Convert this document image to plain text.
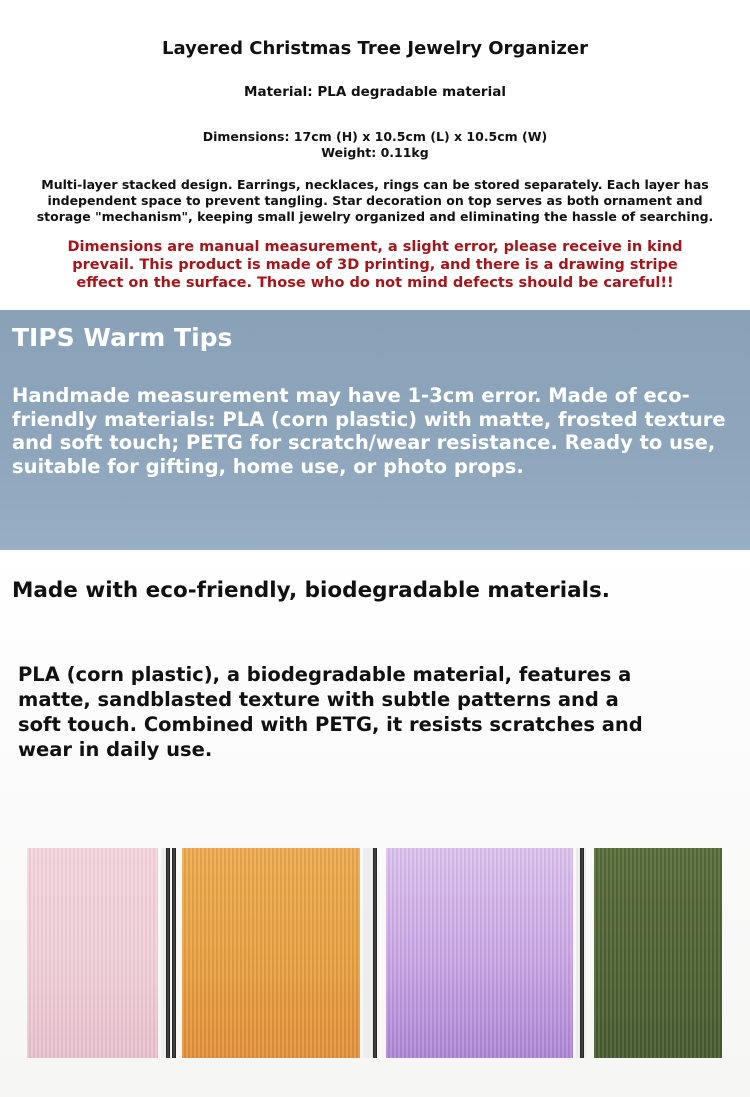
Layered Christmas Tree Jewelry Organizer
Material: PLA degradable material
Dimensions: 17cm (H) x 10.5cm (L) x 10.5cm (W)
Weight: 0.11kg
Multi-layer stacked design. Earrings, necklaces, rings can be stored separately. Each layer has independent space to prevent tangling. Star decoration on top serves as both ornament and storage "mechanism", keeping small jewelry organized and eliminating the hassle of searching.
Dimensions are manual measurement, a slight error, please receive in kind prevail. This product is made of 3D printing, and there is a drawing stripe effect on the surface. Those who do not mind defects should be careful!!
TIPS Warm Tips
Handmade measurement may have 1-3cm error. Made of eco-friendly materials: PLA (corn plastic) with matte, frosted texture and soft touch; PETG for scratch/wear resistance. Ready to use, suitable for gifting, home use, or photo props.
Made with eco-friendly, biodegradable materials.
PLA (corn plastic), a biodegradable material, features a matte, sandblasted texture with subtle patterns and a soft touch. Combined with PETG, it resists scratches and wear in daily use.
